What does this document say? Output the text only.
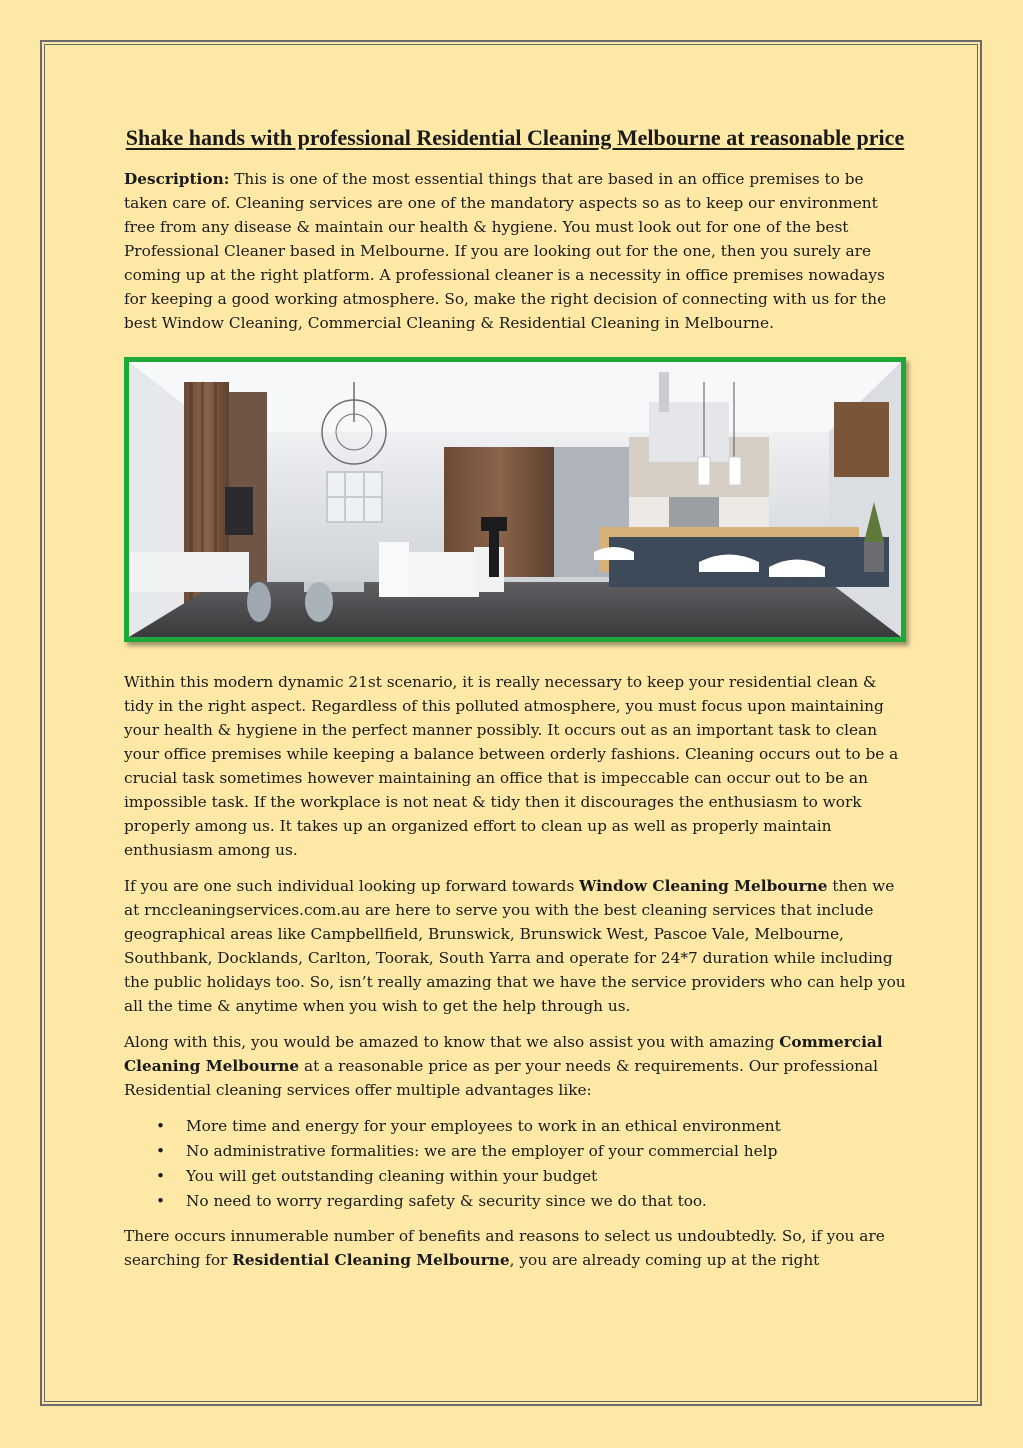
Shake hands with professional Residential Cleaning Melbourne at reasonable price

Description: This is one of the most essential things that are based in an office premises to be taken care of. Cleaning services are one of the mandatory aspects so as to keep our environment free from any disease & maintain our health & hygiene. You must look out for one of the best Professional Cleaner based in Melbourne. If you are looking out for the one, then you surely are coming up at the right platform. A professional cleaner is a necessity in office premises nowadays for keeping a good working atmosphere. So, make the right decision of connecting with us for the best Window Cleaning, Commercial Cleaning & Residential Cleaning in Melbourne.

Within this modern dynamic 21st scenario, it is really necessary to keep your residential clean & tidy in the right aspect. Regardless of this polluted atmosphere, you must focus upon maintaining your health & hygiene in the perfect manner possibly. It occurs out as an important task to clean your office premises while keeping a balance between orderly fashions. Cleaning occurs out to be a crucial task sometimes however maintaining an office that is impeccable can occur out to be an impossible task. If the workplace is not neat & tidy then it discourages the enthusiasm to work properly among us. It takes up an organized effort to clean up as well as properly maintain enthusiasm among us.

If you are one such individual looking up forward towards Window Cleaning Melbourne then we at rnccleaningservices.com.au are here to serve you with the best cleaning services that include geographical areas like Campbellfield, Brunswick, Brunswick West, Pascoe Vale, Melbourne, Southbank, Docklands, Carlton, Toorak, South Yarra and operate for 24*7 duration while including the public holidays too. So, isn’t really amazing that we have the service providers who can help you all the time & anytime when you wish to get the help through us.

Along with this, you would be amazed to know that we also assist you with amazing Commercial Cleaning Melbourne at a reasonable price as per your needs & requirements. Our professional Residential cleaning services offer multiple advantages like:

• More time and energy for your employees to work in an ethical environment
• No administrative formalities: we are the employer of your commercial help
• You will get outstanding cleaning within your budget
• No need to worry regarding safety & security since we do that too.

There occurs innumerable number of benefits and reasons to select us undoubtedly. So, if you are searching for Residential Cleaning Melbourne, you are already coming up at the right
